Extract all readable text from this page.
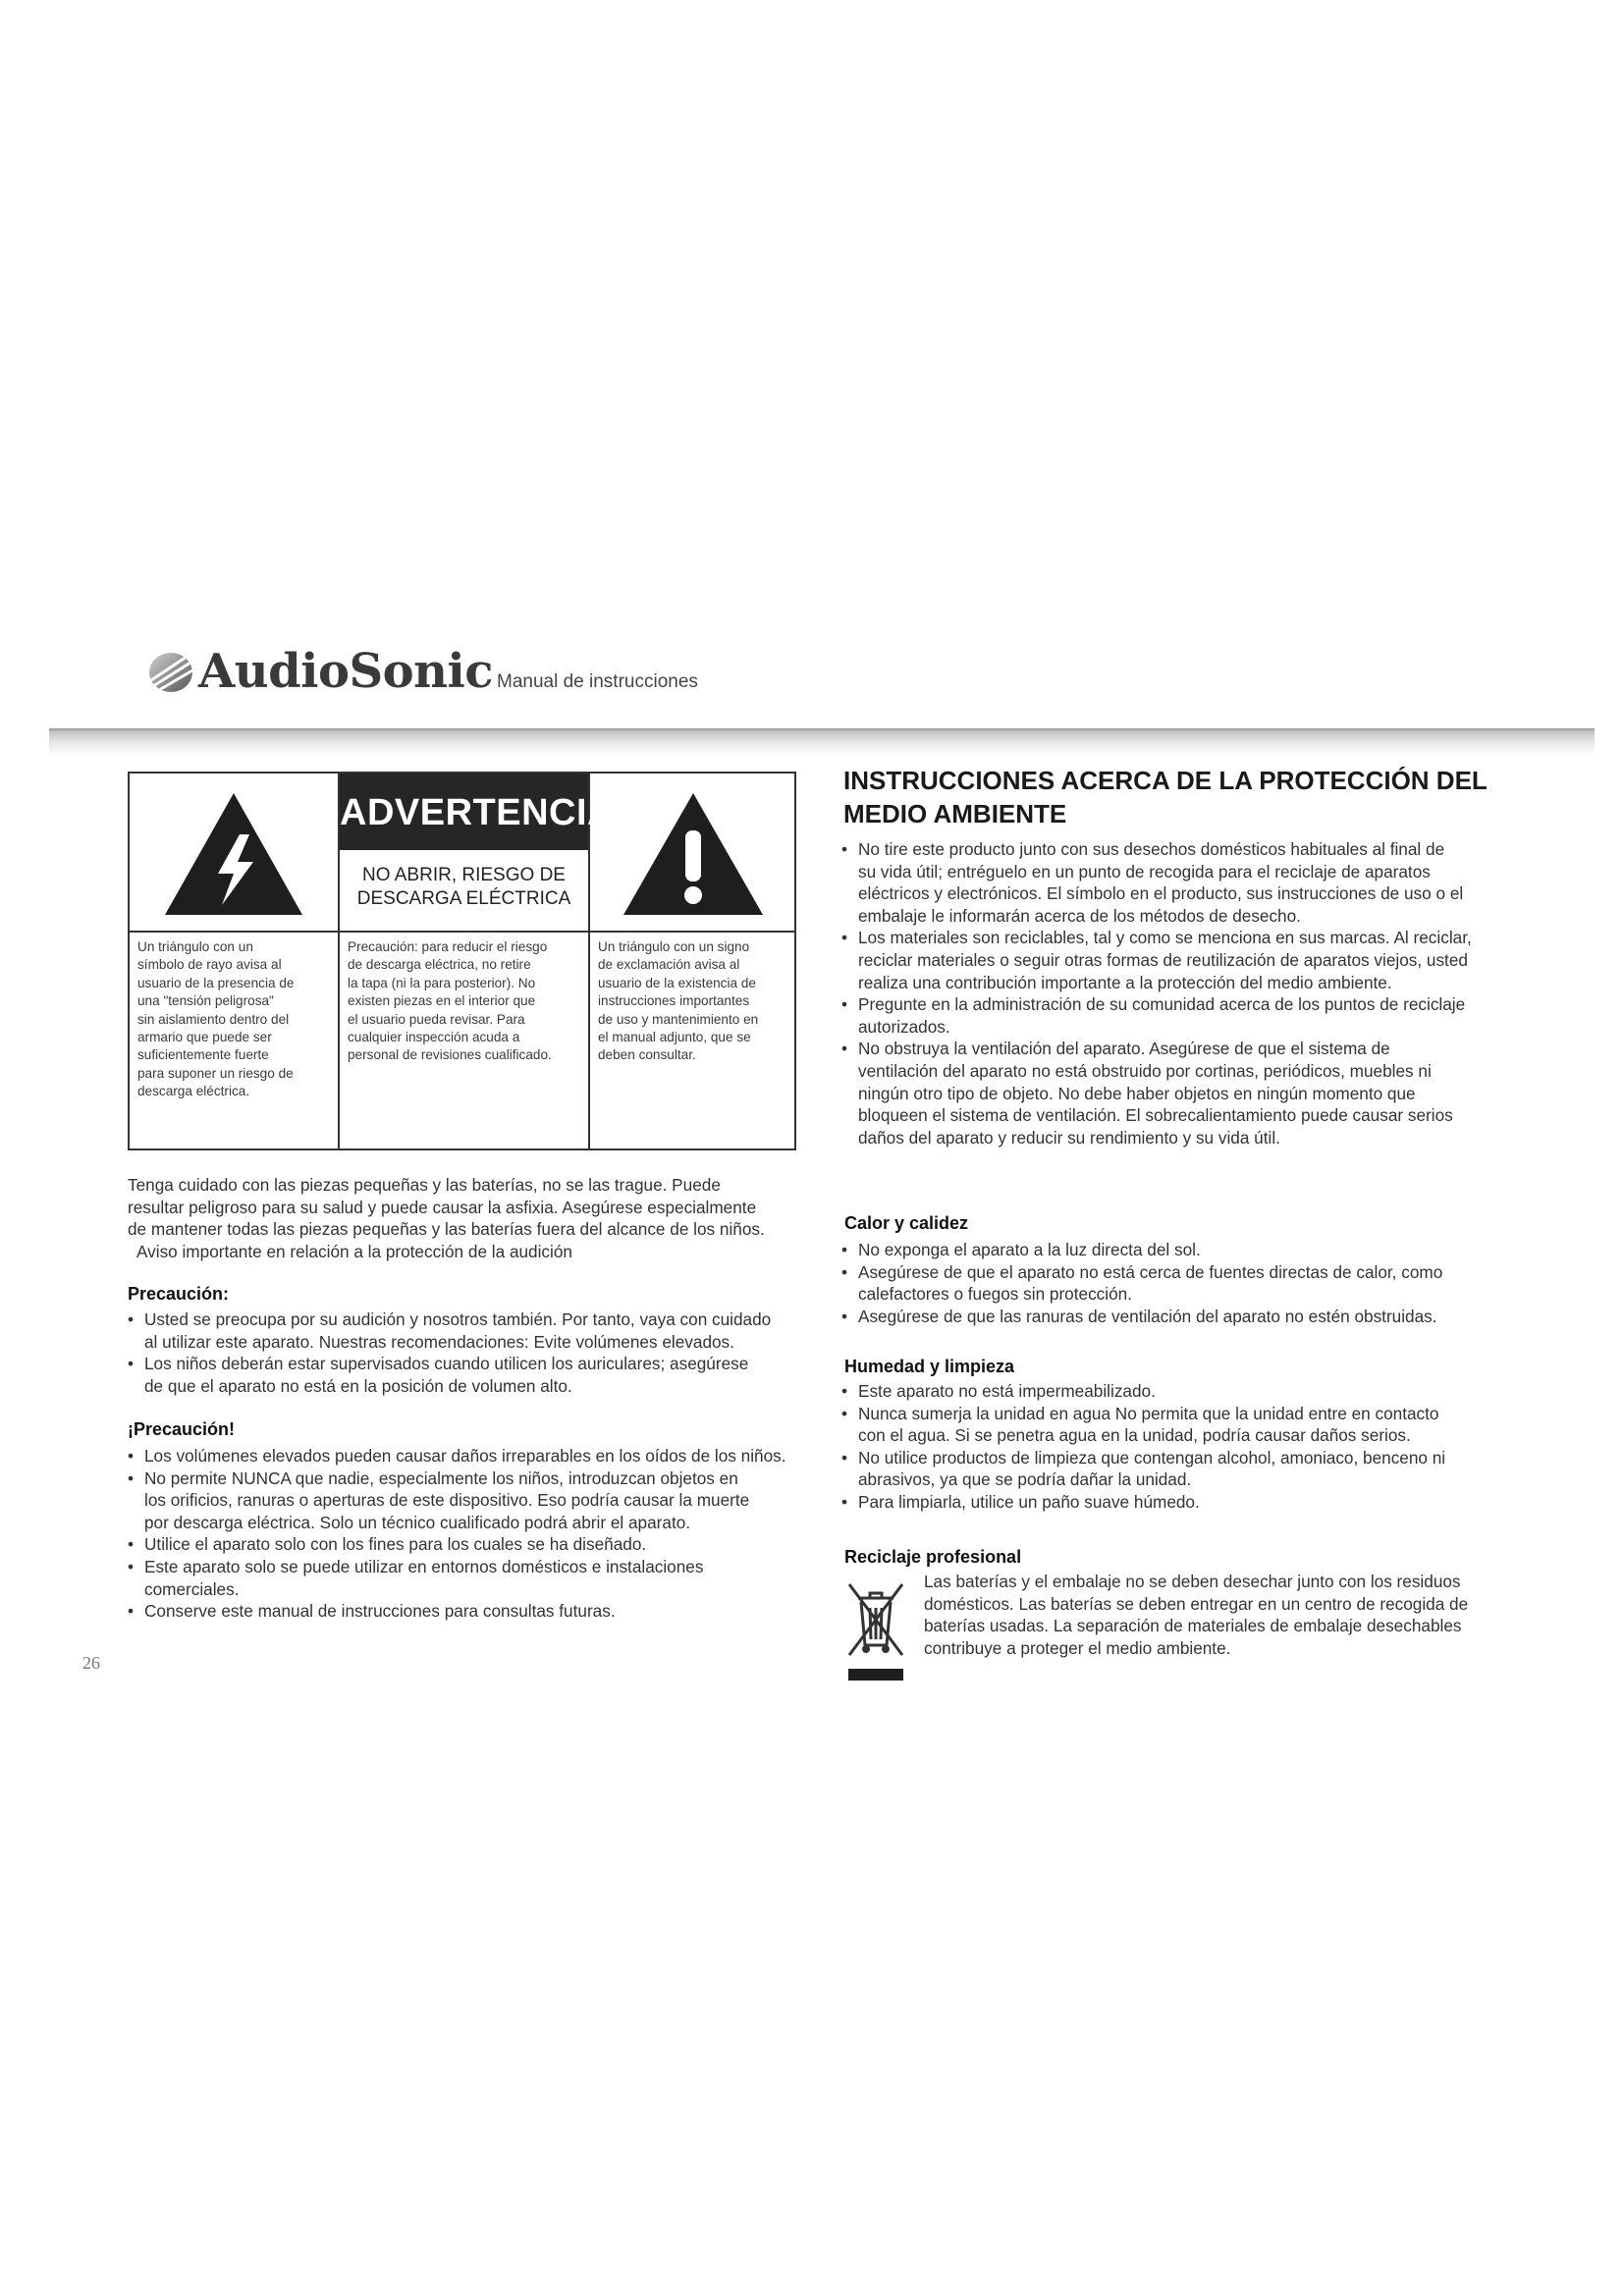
AudioSonic Manual de instrucciones
Un triángulo con un
símbolo de rayo avisa al
usuario de la presencia de
una "tensión peligrosa"
sin aislamiento dentro del
armario que puede ser
suficientemente fuerte
para suponer un riesgo de
descarga eléctrica.
ADVERTENCIA
NO ABRIR, RIESGO DE
DESCARGA ELÉCTRICA
Precaución: para reducir el riesgo
de descarga eléctrica, no retire
la tapa (ni la para posterior). No
existen piezas en el interior que
el usuario pueda revisar. Para
cualquier inspección acuda a
personal de revisiones cualificado.
Un triángulo con un signo
de exclamación avisa al
usuario de la existencia de
instrucciones importantes
de uso y mantenimiento en
el manual adjunto, que se
deben consultar.
Tenga cuidado con las piezas pequeñas y las baterías, no se las trague. Puede
resultar peligroso para su salud y puede causar la asfixia. Asegúrese especialmente
de mantener todas las piezas pequeñas y las baterías fuera del alcance de los niños.
Aviso importante en relación a la protección de la audición
Precaución:
• Usted se preocupa por su audición y nosotros también. Por tanto, vaya con cuidado
al utilizar este aparato. Nuestras recomendaciones: Evite volúmenes elevados.
• Los niños deberán estar supervisados cuando utilicen los auriculares; asegúrese
de que el aparato no está en la posición de volumen alto.
¡Precaución!
• Los volúmenes elevados pueden causar daños irreparables en los oídos de los niños.
• No permite NUNCA que nadie, especialmente los niños, introduzcan objetos en
los orificios, ranuras o aperturas de este dispositivo. Eso podría causar la muerte
por descarga eléctrica. Solo un técnico cualificado podrá abrir el aparato.
• Utilice el aparato solo con los fines para los cuales se ha diseñado.
• Este aparato solo se puede utilizar en entornos domésticos e instalaciones
comerciales.
• Conserve este manual de instrucciones para consultas futuras.
26
INSTRUCCIONES ACERCA DE LA PROTECCIÓN DEL
MEDIO AMBIENTE
• No tire este producto junto con sus desechos domésticos habituales al final de
su vida útil; entréguelo en un punto de recogida para el reciclaje de aparatos
eléctricos y electrónicos. El símbolo en el producto, sus instrucciones de uso o el
embalaje le informarán acerca de los métodos de desecho.
• Los materiales son reciclables, tal y como se menciona en sus marcas. Al reciclar,
reciclar materiales o seguir otras formas de reutilización de aparatos viejos, usted
realiza una contribución importante a la protección del medio ambiente.
• Pregunte en la administración de su comunidad acerca de los puntos de reciclaje
autorizados.
• No obstruya la ventilación del aparato. Asegúrese de que el sistema de
ventilación del aparato no está obstruido por cortinas, periódicos, muebles ni
ningún otro tipo de objeto. No debe haber objetos en ningún momento que
bloqueen el sistema de ventilación. El sobrecalientamiento puede causar serios
daños del aparato y reducir su rendimiento y su vida útil.
Calor y calidez
• No exponga el aparato a la luz directa del sol.
• Asegúrese de que el aparato no está cerca de fuentes directas de calor, como
calefactores o fuegos sin protección.
• Asegúrese de que las ranuras de ventilación del aparato no estén obstruidas.
Humedad y limpieza
• Este aparato no está impermeabilizado.
• Nunca sumerja la unidad en agua No permita que la unidad entre en contacto
con el agua. Si se penetra agua en la unidad, podría causar daños serios.
• No utilice productos de limpieza que contengan alcohol, amoniaco, benceno ni
abrasivos, ya que se podría dañar la unidad.
• Para limpiarla, utilice un paño suave húmedo.
Reciclaje profesional
Las baterías y el embalaje no se deben desechar junto con los residuos
domésticos. Las baterías se deben entregar en un centro de recogida de
baterías usadas. La separación de materiales de embalaje desechables
contribuye a proteger el medio ambiente.
